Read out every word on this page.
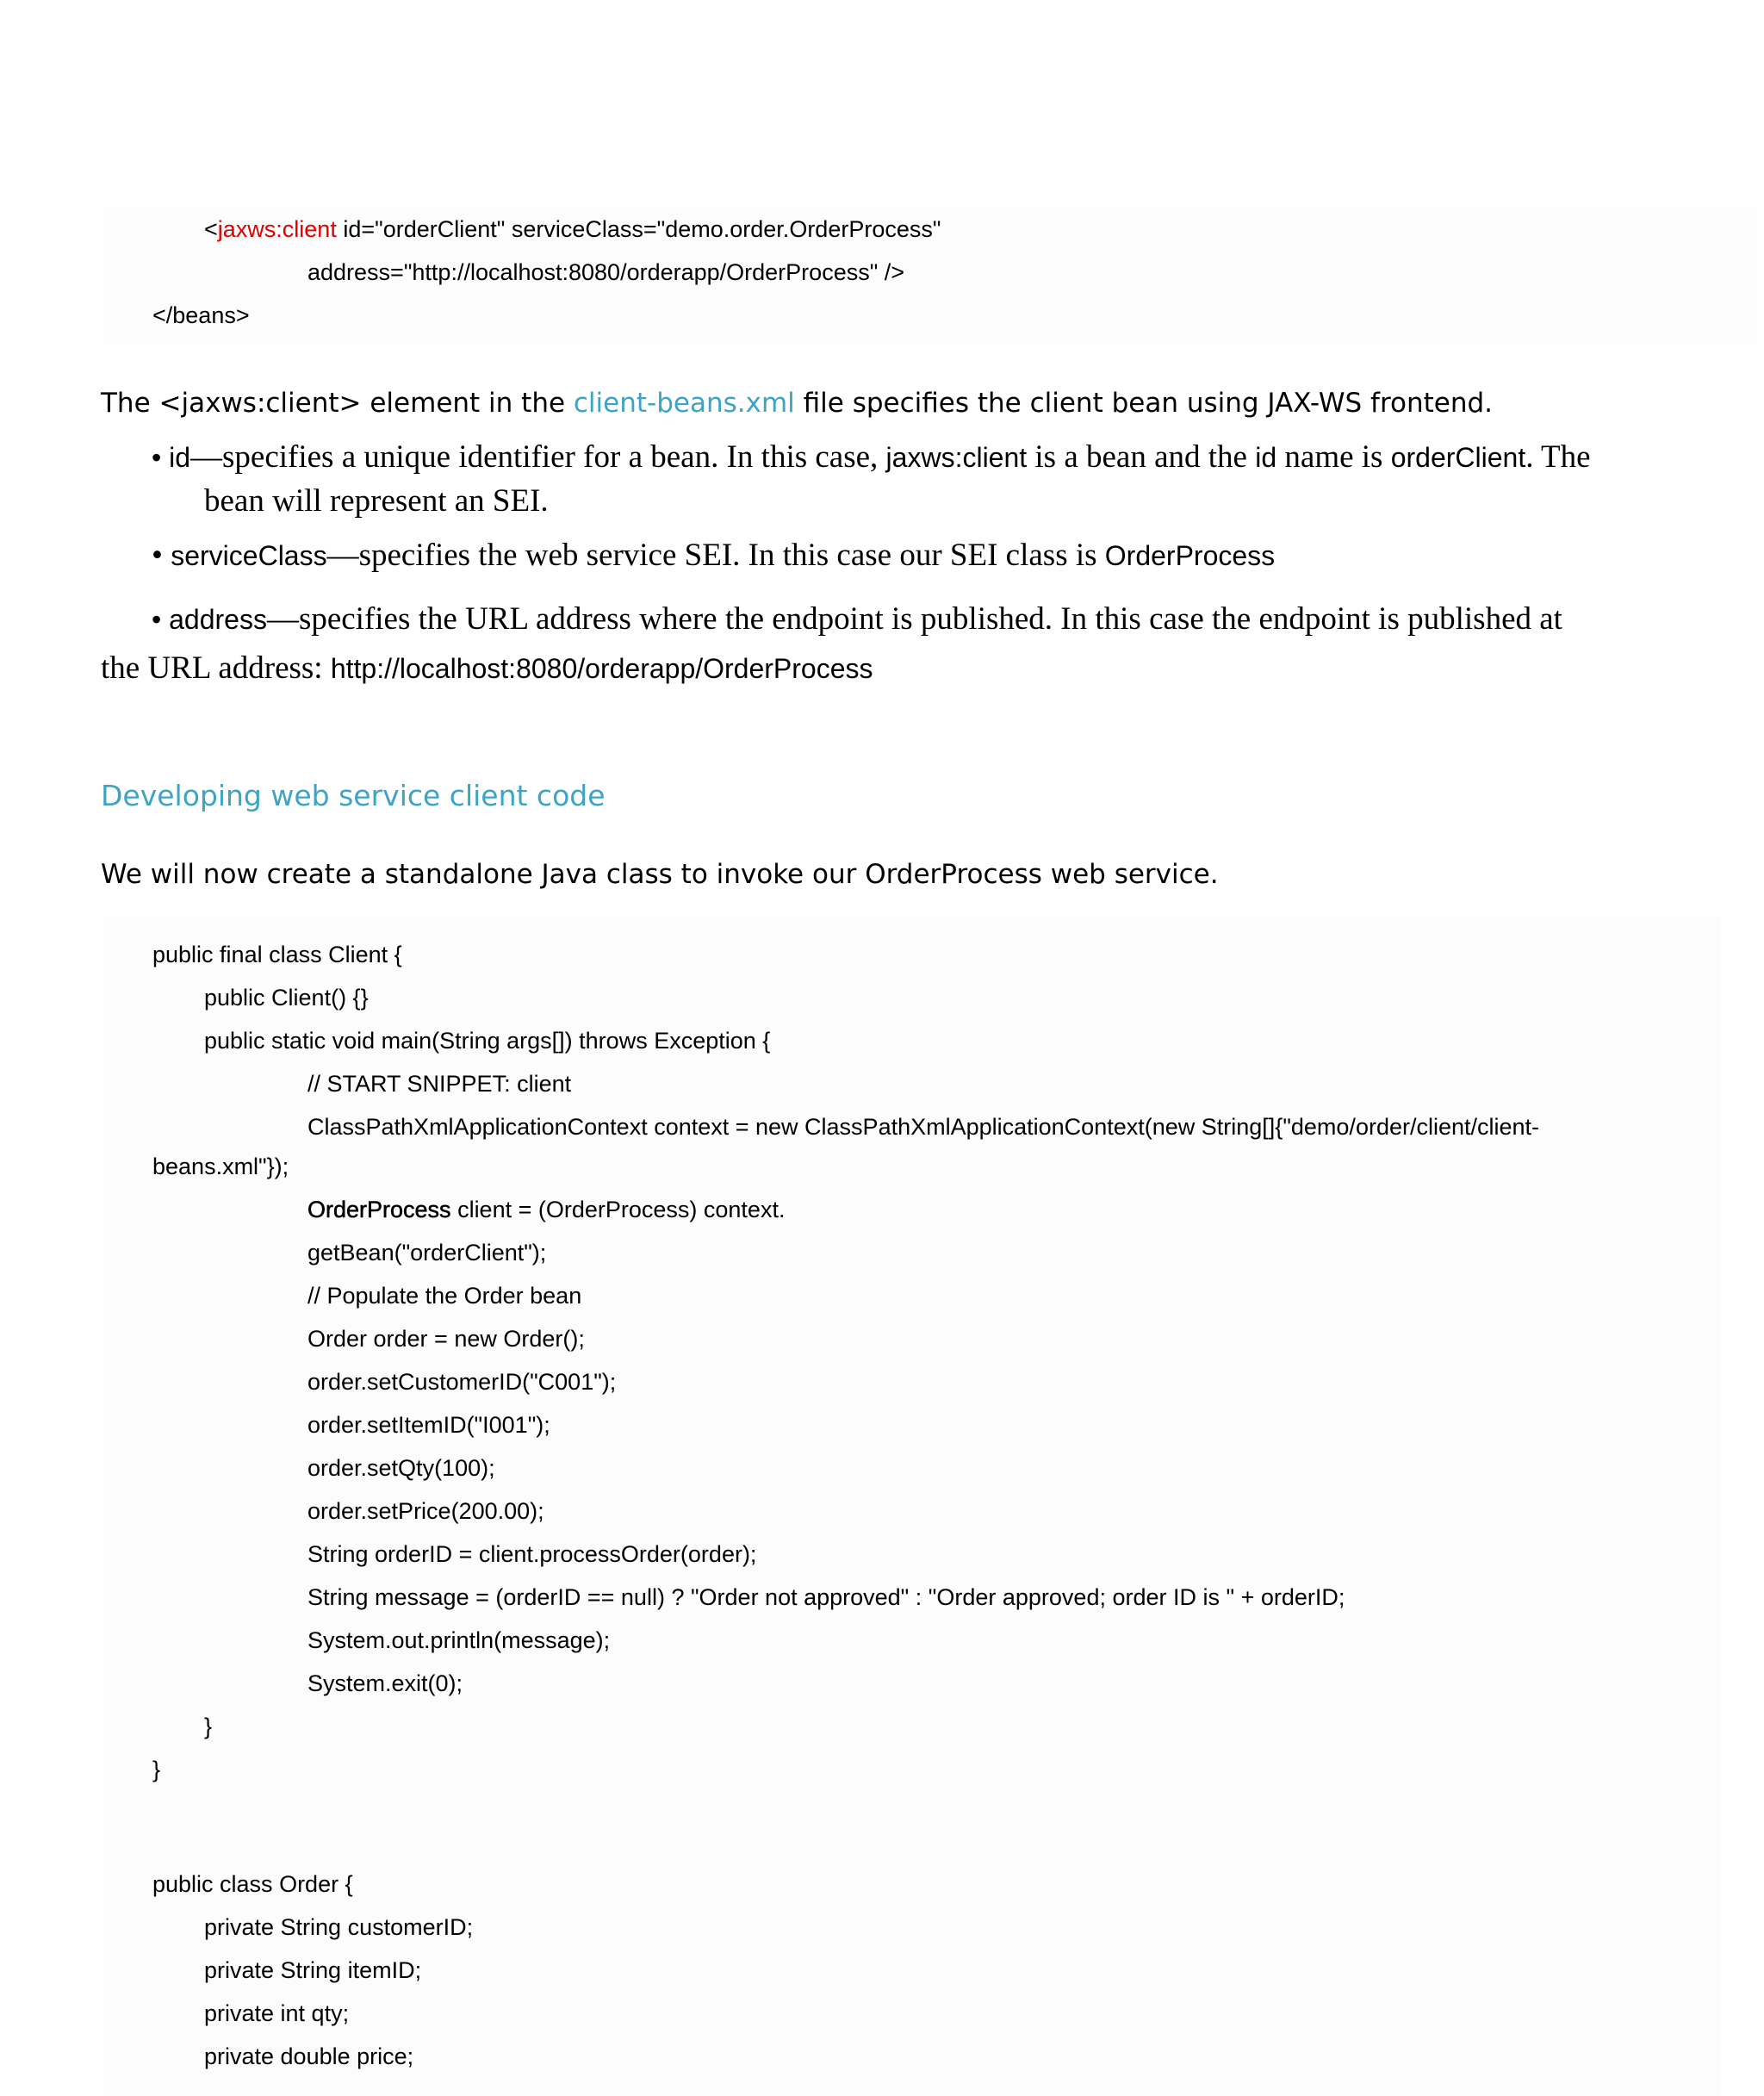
<jaxws:client id="orderClient" serviceClass="demo.order.OrderProcess"
address="http://localhost:8080/orderapp/OrderProcess" />
</beans>
The <jaxws:client> element in the client-beans.xml file specifies the client bean using JAX-WS frontend.
• id—specifies a unique identifier for a bean. In this case, jaxws:client is a bean and the id name is orderClient. The
bean will represent an SEI.
• serviceClass—specifies the web service SEI. In this case our SEI class is OrderProcess
• address—specifies the URL address where the endpoint is published. In this case the endpoint is published at
the URL address: http://localhost:8080/orderapp/OrderProcess
Developing web service client code
We will now create a standalone Java class to invoke our OrderProcess web service.
public final class Client {
public Client() {}
public static void main(String args[]) throws Exception {
// START SNIPPET: client
ClassPathXmlApplicationContext context = new ClassPathXmlApplicationContext(new String[]{"demo/order/client/client-
beans.xml"});
OrderProcess client = (OrderProcess) context.
getBean("orderClient");
// Populate the Order bean
Order order = new Order();
order.setCustomerID("C001");
order.setItemID("I001");
order.setQty(100);
order.setPrice(200.00);
String orderID = client.processOrder(order);
String message = (orderID == null) ? "Order not approved" : "Order approved; order ID is " + orderID;
System.out.println(message);
System.exit(0);
}
}
public class Order {
private String customerID;
private String itemID;
private int qty;
private double price;
